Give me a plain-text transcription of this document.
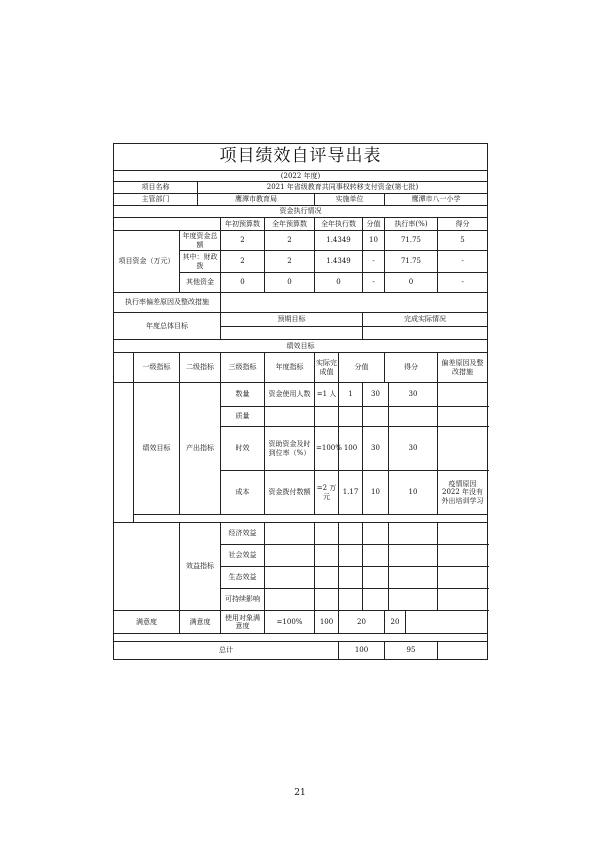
项目绩效自评导出表												
(2022 年度)												
项目名称			2021 年省级教育共同事权转移支付资金(第七批)									
主管部门			鹰潭市教育局			实施单位			鹰潭市八一小学			
资金执行情况												
				年初预算数	全年预算数	全年执行数		分值	执行率(%)			得分
项目资金（万元）		年度资金总额		2	2	1.4349		10	71.75			5
		其中：财政拨		2	2	1.4349		-	71.75			-
		其他资金		0	0	0		-	0			-
执行率偏差原因及整改措施												
年度总体目标				预期目标				完成实际情况				

绩效目标												
	一级指标	二级指标		三级指标	年度指标	实际完成值	分值		得分			偏差原因及整改措施
	绩效目标	产出指标		数量	资金使用人数	=1 人	1	30		30		
				质量								
				时效	资助资金及时到位率（%）	=100%	100	30		30		
				成本	资金拨付数额	=2 万元	1.17	10		10		疫情原因 2022 年没有外出培训学习

		效益指标		经济效益								
				社会效益								
				生态效益								
				可持续影响								
满意度		满意度		使用对象满意度	=100%	100	20		20			

总计							100		95			
21
